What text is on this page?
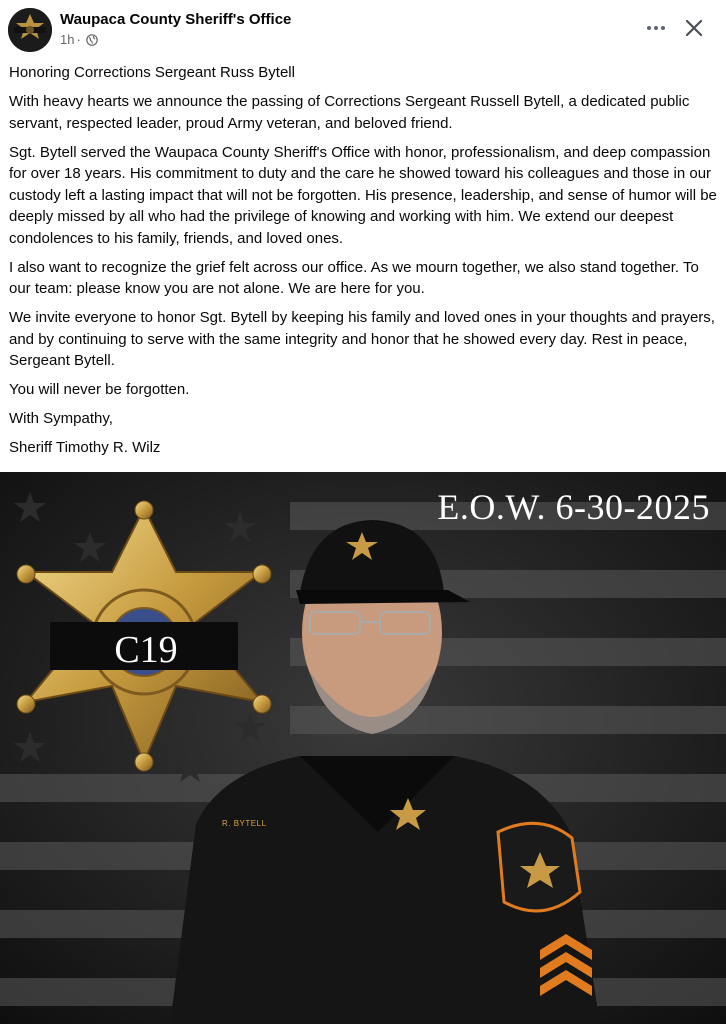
Waupaca County Sheriff's Office
1h ·

Honoring Corrections Sergeant Russ Bytell

With heavy hearts we announce the passing of Corrections Sergeant Russell Bytell, a dedicated public servant, respected leader, proud Army veteran, and beloved friend.

Sgt. Bytell served the Waupaca County Sheriff's Office with honor, professionalism, and deep compassion for over 18 years. His commitment to duty and the care he showed toward his colleagues and those in our custody left a lasting impact that will not be forgotten. His presence, leadership, and sense of humor will be deeply missed by all who had the privilege of knowing and working with him. We extend our deepest condolences to his family, friends, and loved ones.

I also want to recognize the grief felt across our office. As we mourn together, we also stand together. To our team: please know you are not alone. We are here for you.

We invite everyone to honor Sgt. Bytell by keeping his family and loved ones in your thoughts and prayers, and by continuing to serve with the same integrity and honor that he showed every day. Rest in peace, Sergeant Bytell.

You will never be forgotten.

With Sympathy,

Sheriff Timothy R. Wilz

E.O.W. 6-30-2025
C19
R. BYTELL
